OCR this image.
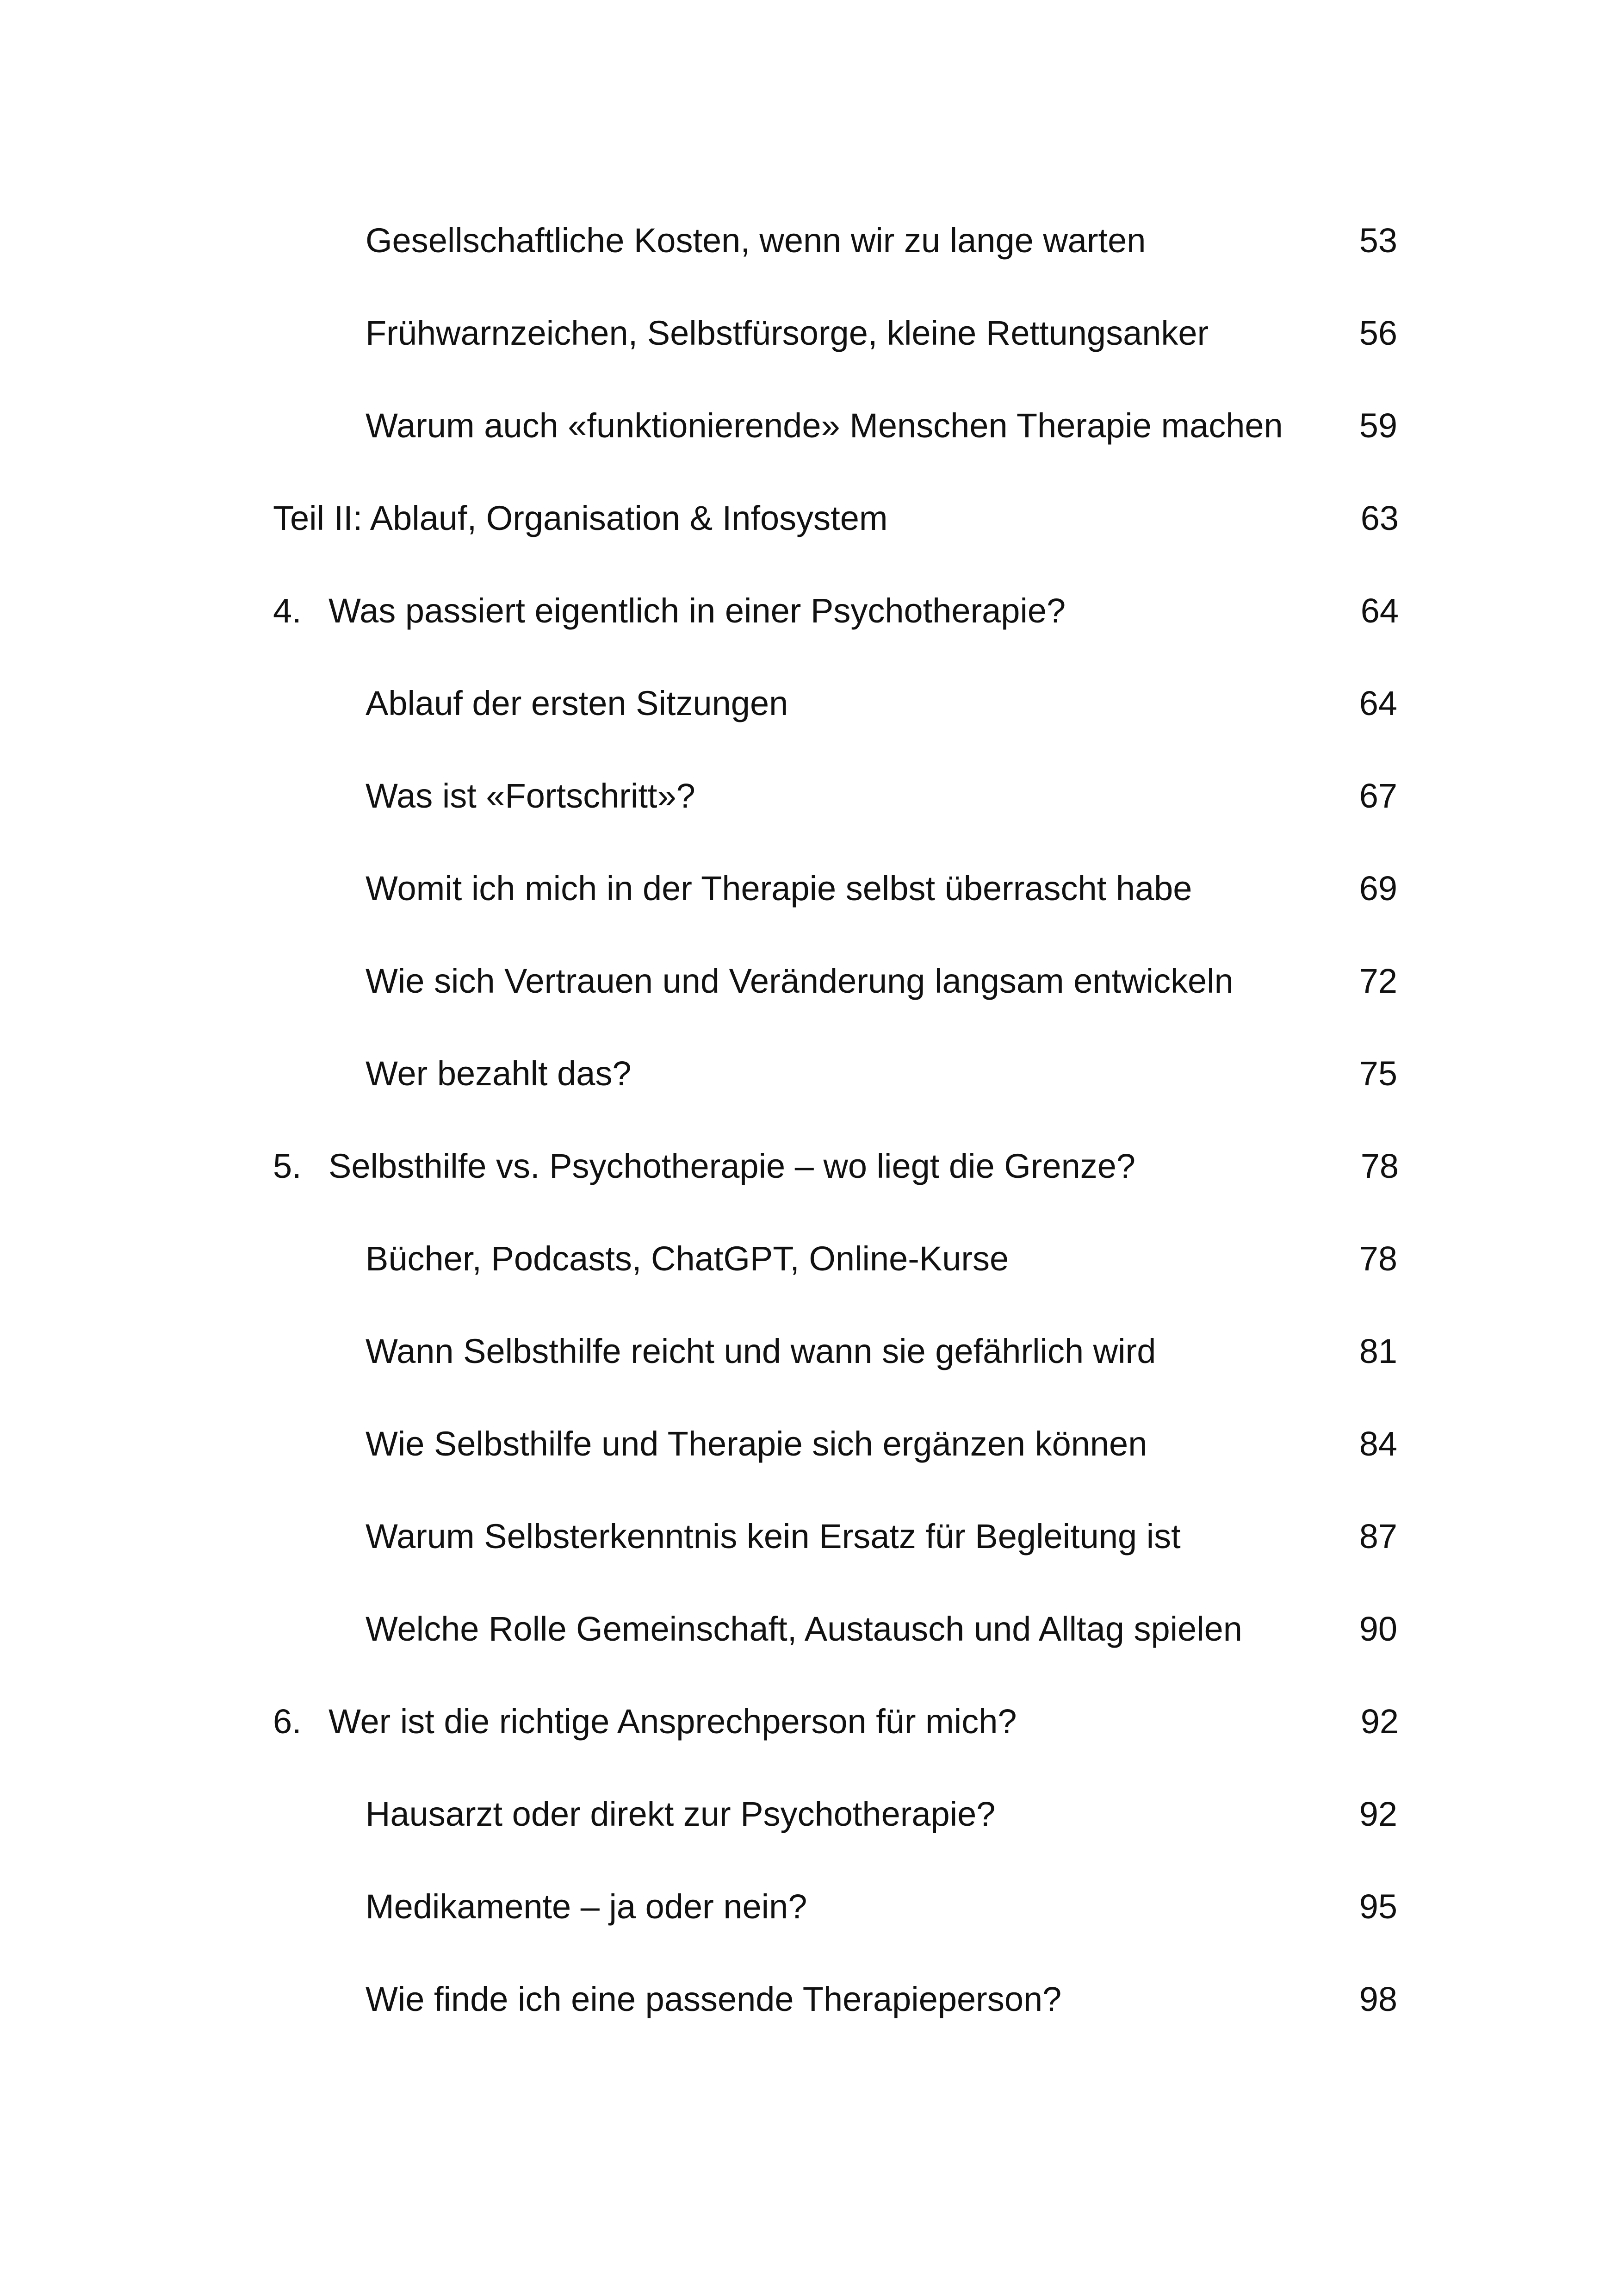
Gesellschaftliche Kosten, wenn wir zu lange warten	53
Frühwarnzeichen, Selbstfürsorge, kleine Rettungsanker	56
Warum auch «funktionierende» Menschen Therapie machen	59
Teil II: Ablauf, Organisation & Infosystem	63
4. Was passiert eigentlich in einer Psychotherapie?	64
Ablauf der ersten Sitzungen	64
Was ist «Fortschritt»?	67
Womit ich mich in der Therapie selbst überrascht habe	69
Wie sich Vertrauen und Veränderung langsam entwickeln	72
Wer bezahlt das?	75
5. Selbsthilfe vs. Psychotherapie – wo liegt die Grenze?	78
Bücher, Podcasts, ChatGPT, Online-Kurse	78
Wann Selbsthilfe reicht und wann sie gefährlich wird	81
Wie Selbsthilfe und Therapie sich ergänzen können	84
Warum Selbsterkenntnis kein Ersatz für Begleitung ist	87
Welche Rolle Gemeinschaft, Austausch und Alltag spielen	90
6. Wer ist die richtige Ansprechperson für mich?	92
Hausarzt oder direkt zur Psychotherapie?	92
Medikamente – ja oder nein?	95
Wie finde ich eine passende Therapieperson?	98
